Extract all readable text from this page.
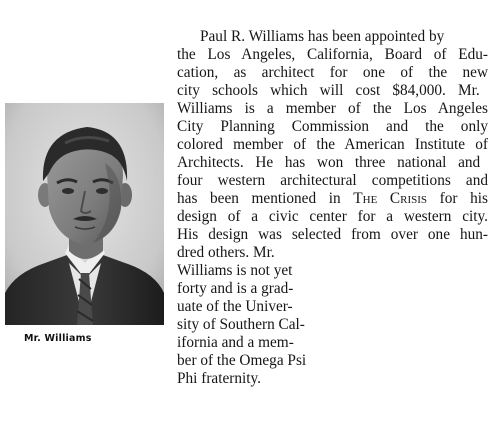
Mr. Williams
Paul R. Williams has been appointed by
the Los Angeles, California, Board of Edu-
cation, as architect for one of the new
city schools which will cost $84,000. Mr.
Williams is a member of the Los Angeles
City Planning Commission and the only
colored member of the American Institute of
Architects. He has won three national and
four western architectural competitions and
has been mentioned in The Crisis for his
design of a civic center for a western city.
His design was selected from over one hun-
dred others. Mr.
Williams is not yet
forty and is a grad-
uate of the Univer-
sity of Southern Cal-
ifornia and a mem-
ber of the Omega Psi
Phi fraternity.
